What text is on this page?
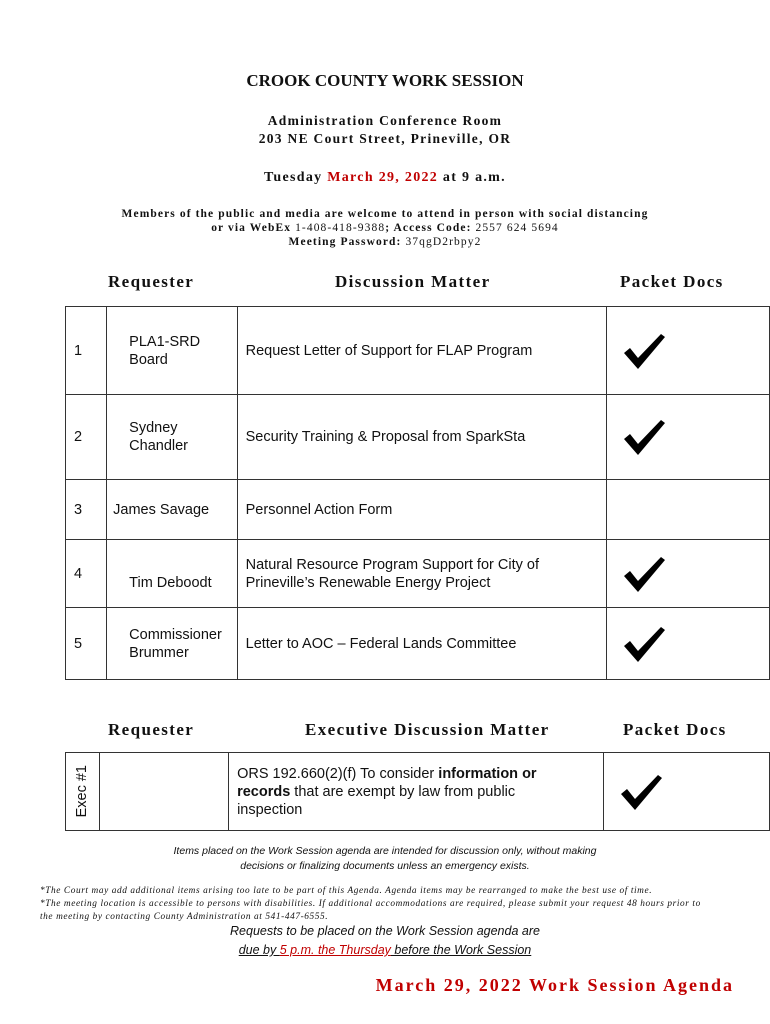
CROOK COUNTY WORK SESSION
Administration Conference Room
203 NE Court Street, Prineville, OR
Tuesday March 29, 2022 at 9 a.m.
Members of the public and media are welcome to attend in person with social distancing
or via WebEx 1-408-418-9388; Access Code: 2557 624 5694
Meeting Password: 37qgD2rbpy2
Requester	Discussion Matter	Packet Docs
1	PLA1-SRD
Board	Request Letter of Support for FLAP Program

2	Sydney
Chandler	Security Training & Proposal from SparkSta

3	James Savage	Personnel Action Form	

4	Tim Deboodt	Natural Resource Program Support for City of
Prineville’s Renewable Energy Project

5	Commissioner
Brummer	Letter to AOC – Federal Lands Committee

Requester	Executive Discussion Matter	Packet Docs
Exec #1		ORS 192.660(2)(f) To consider information or
records that are exempt by law from public
inspection

Items placed on the Work Session agenda are intended for discussion only, without making
decisions or finalizing documents unless an emergency exists.
*The Court may add additional items arising too late to be part of this Agenda. Agenda items may be rearranged to make the best use of time.
*The meeting location is accessible to persons with disabilities. If additional accommodations are required, please submit your request 48 hours prior to
the meeting by contacting County Administration at 541-447-6555.
Requests to be placed on the Work Session agenda are
due by 5 p.m. the Thursday before the Work Session
March 29, 2022 Work Session Agenda
